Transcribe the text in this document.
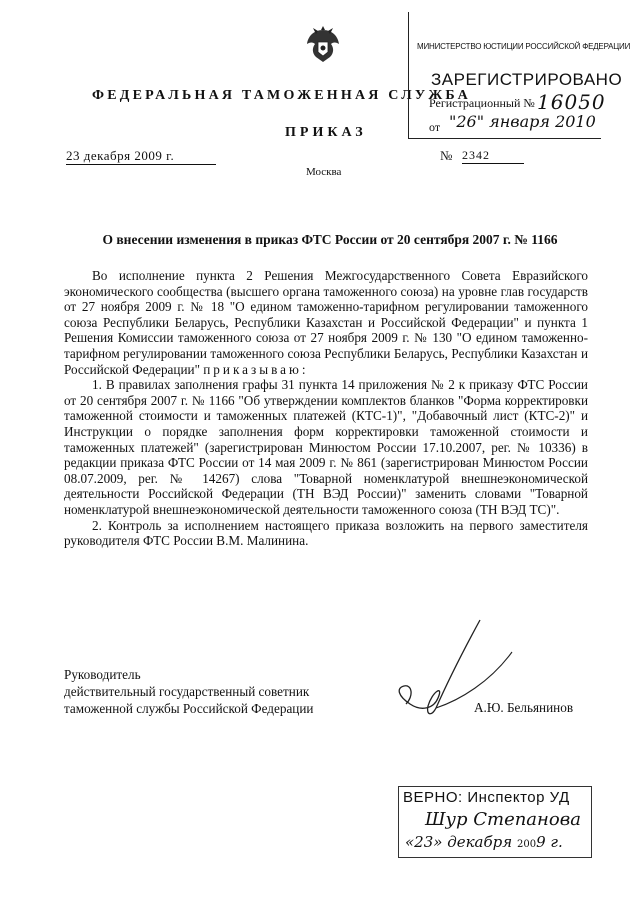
ФЕДЕРАЛЬНАЯ ТАМОЖЕННАЯ СЛУЖБА
ПРИКАЗ
23 декабря 2009 г.
Москва
№ 2342
МИНИСТЕРСТВО ЮСТИЦИИ РОССИЙСКОЙ ФЕДЕРАЦИИ
ЗАРЕГИСТРИРОВАНО
Регистрационный № 16050
от "26" января 2010
О внесении изменения в приказ ФТС России от 20 сентября 2007 г. № 1166

Во исполнение пункта 2 Решения Межгосударственного Совета Евразийского экономического сообщества (высшего органа таможенного союза) на уровне глав государств от 27 ноября 2009 г. № 18 "О едином таможенно-тарифном регулировании таможенного союза Республики Беларусь, Республики Казахстан и Российской Федерации" и пункта 1 Решения Комиссии таможенного союза от 27 ноября 2009 г. № 130 "О едином таможенно-тарифном регулировании таможенного союза Республики Беларусь, Республики Казахстан и Российской Федерации" приказываю:

1. В правилах заполнения графы 31 пункта 14 приложения № 2 к приказу ФТС России от 20 сентября 2007 г. № 1166 "Об утверждении комплектов бланков "Форма корректировки таможенной стоимости и таможенных платежей (КТС-1)", "Добавочный лист (КТС-2)" и Инструкции о порядке заполнения форм корректировки таможенной стоимости и таможенных платежей" (зарегистрирован Минюстом России 17.10.2007, рег. № 10336) в редакции приказа ФТС России от 14 мая 2009 г. № 861 (зарегистрирован Минюстом России 08.07.2009, рег. № 14267) слова "Товарной номенклатурой внешнеэкономической деятельности Российской Федерации (ТН ВЭД России)" заменить словами "Товарной номенклатурой внешнеэкономической деятельности таможенного союза (ТН ВЭД ТС)".

2. Контроль за исполнением настоящего приказа возложить на первого заместителя руководителя ФТС России В.М. Малинина.

Руководитель
действительный государственный советник
таможенной службы Российской Федерации	А.Ю. Бельянинов
ВЕРНО: Инспектор УД
Шур Степанова
«23» декабря 2009 г.
